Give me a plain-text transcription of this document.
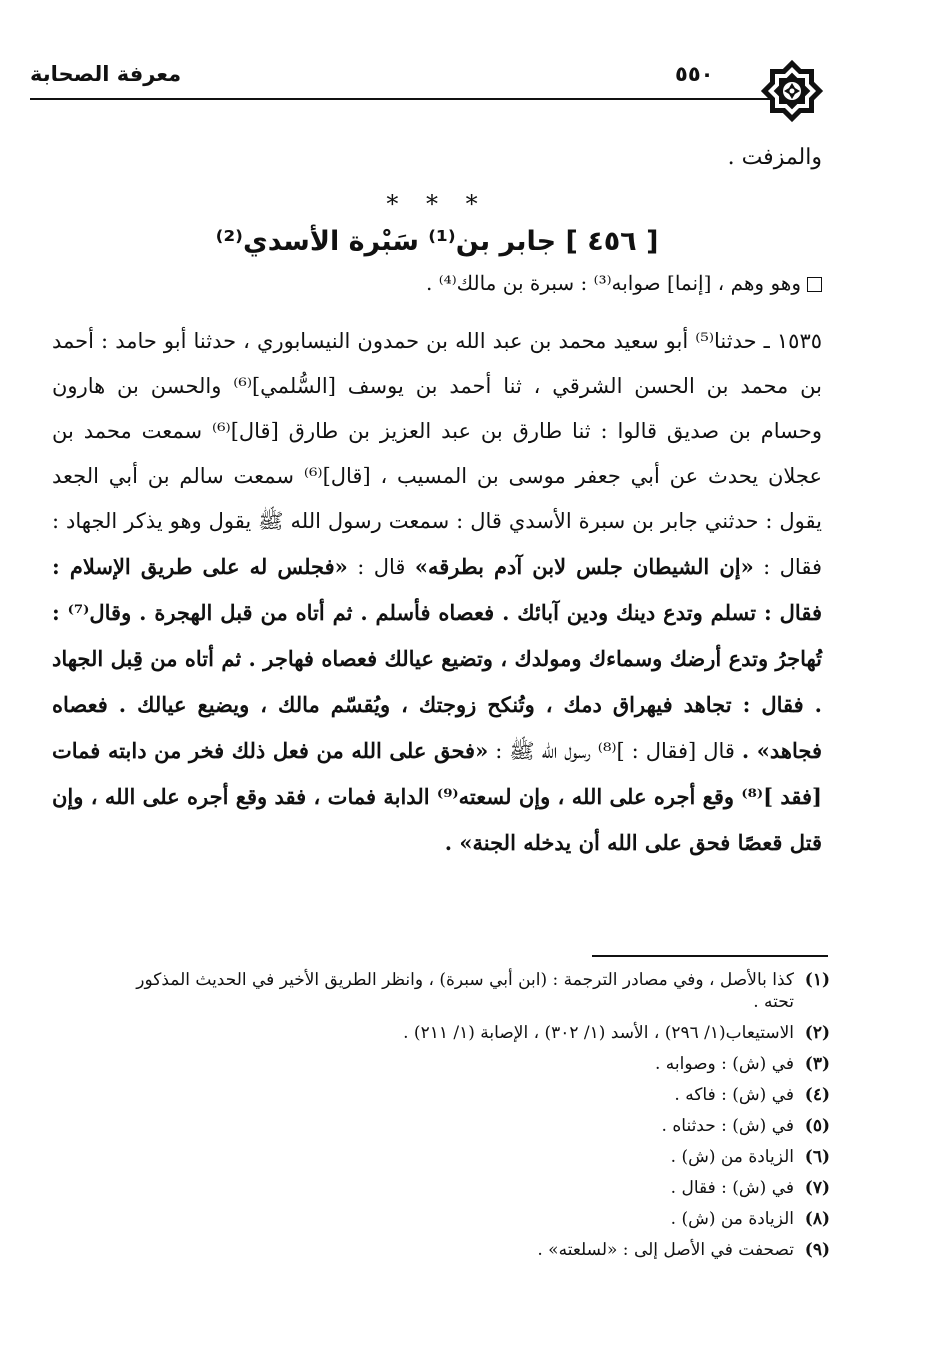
معرفة الصحابة	٥٥٠

والمزفت .

* * *

[ ٤٥٦ ] جابر بن⁽¹⁾ سَبْرة الأسدي⁽²⁾

وهو وهم ، [إنما] صوابه⁽³⁾ : سبرة بن مالك⁽⁴⁾ .

١٥٣٥ ـ حدثنا⁽⁵⁾ أبو سعيد محمد بن عبد الله بن حمدون النيسابوري ، حدثنا أبو حامد : أحمد بن محمد بن الحسن الشرقي ، ثنا أحمد بن يوسف [السُّلمي]⁽⁶⁾ والحسن بن هارون وحسام بن صديق قالوا : ثنا طارق بن عبد العزيز بن طارق [قال]⁽⁶⁾ سمعت محمد بن عجلان يحدث عن أبي جعفر موسى بن المسيب ، [قال]⁽⁶⁾ سمعت سالم بن أبي الجعد يقول : حدثني جابر بن سبرة الأسدي قال : سمعت رسول الله ﷺ يقول وهو يذكر الجهاد : فقال : «إن الشيطان جلس لابن آدم بطرقه» قال : «فجلس له على طريق الإسلام : فقال : تسلم وتدع دينك ودين آبائك . فعصاه فأسلم . ثم أتاه من قبل الهجرة . وقال⁽⁷⁾ : تُهاجرُ وتدع أرضك وسماءك ومولدك ، وتضيع عيالك فعصاه فهاجر . ثم أتاه من قِبل الجهاد . فقال : تجاهد فيهراق دمك ، وتُنكح زوجتك ، ويُقسّم مالك ، ويضيع عيالك . فعصاه فجاهد» . قال [فقال : ]⁽⁸⁾ رسول الله ﷺ : «فحق على الله من فعل ذلك فخر من دابته فمات [فقد ]⁽⁸⁾ وقع أجره على الله ، وإن لسعته⁽⁹⁾ الدابة فمات ، فقد وقع أجره على الله ، وإن قتل قعصًا فحق على الله أن يدخله الجنة» .

(١)كذا بالأصل ، وفي مصادر الترجمة : (ابن أبي سبرة) ، وانظر الطريق الأخير في الحديث المذكور

تحته .

(٢)الاستيعاب(١/ ٢٩٦) ، الأسد (١/ ٣٠٢) ، الإصابة (١/ ٢١١) .

(٣)في (ش) : وصوابه .

(٤)في (ش) : فاكه .

(٥)في (ش) : حدثناه .

(٦)الزيادة من (ش) .

(٧)في (ش) : فقال .

(٨)الزيادة من (ش) .

(٩)تصحفت في الأصل إلى : «لسلعته» .
